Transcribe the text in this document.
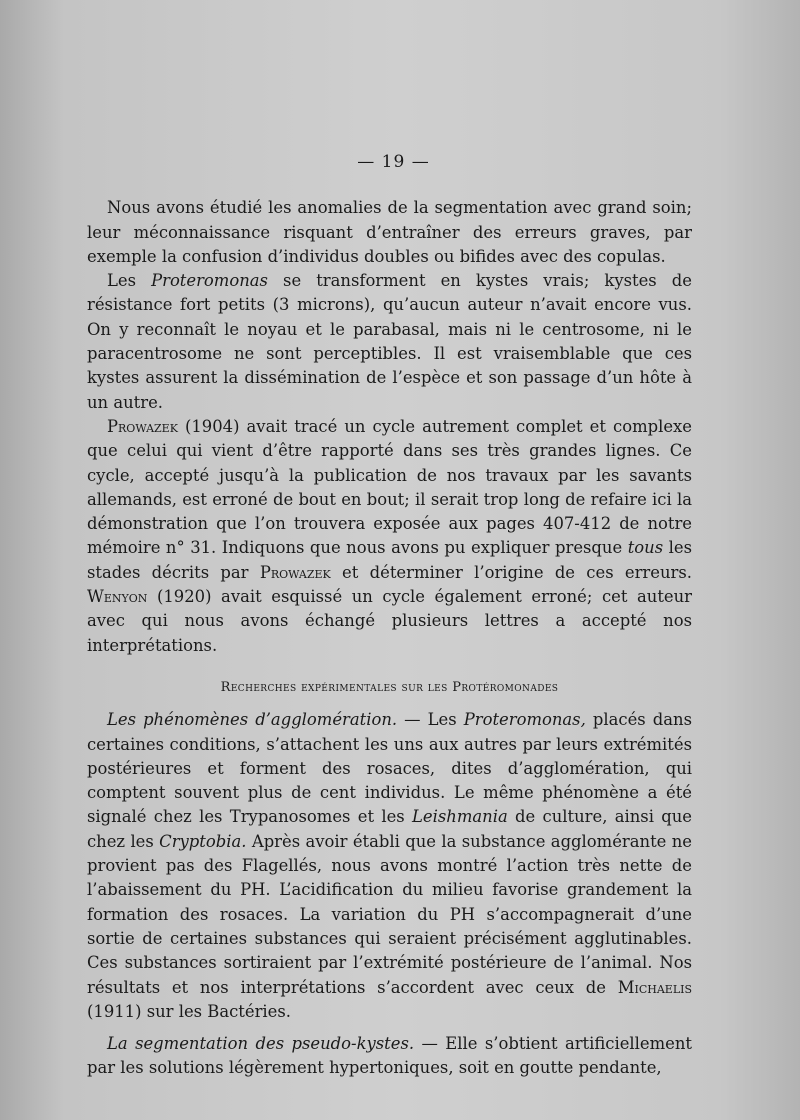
— 19 —

Nous avons étudié les anomalies de la segmentation avec grand soin; leur méconnaissance risquant d’entraîner des erreurs graves, par exemple la confusion d’individus doubles ou bifides avec des copulas.

Les Proteromonas se transforment en kystes vrais; kystes de résistance fort petits (3 microns), qu’aucun auteur n’avait encore vus. On y reconnaît le noyau et le parabasal, mais ni le centrosome, ni le paracentrosome ne sont perceptibles. Il est vraisemblable que ces kystes assurent la dissémination de l’espèce et son passage d’un hôte à un autre.

Prowazek (1904) avait tracé un cycle autrement complet et complexe que celui qui vient d’être rapporté dans ses très grandes lignes. Ce cycle, accepté jusqu’à la publication de nos travaux par les savants allemands, est erroné de bout en bout; il serait trop long de refaire ici la démonstration que l’on trouvera exposée aux pages 407-412 de notre mémoire n° 31. Indiquons que nous avons pu expliquer presque tous les stades décrits par Prowazek et déterminer l’origine de ces erreurs. Wenyon (1920) avait esquissé un cycle également erroné; cet auteur avec qui nous avons échangé plusieurs lettres a accepté nos interprétations.

Recherches expérimentales sur les Protéromonades

Les phénomènes d’agglomération. — Les Proteromonas, placés dans certaines conditions, s’attachent les uns aux autres par leurs extrémités postérieures et forment des rosaces, dites d’agglomération, qui comptent souvent plus de cent individus. Le même phénomène a été signalé chez les Trypanosomes et les Leishmania de culture, ainsi que chez les Cryptobia. Après avoir établi que la substance agglomérante ne provient pas des Flagellés, nous avons montré l’action très nette de l’abaissement du PH. L’acidification du milieu favorise grandement la formation des rosaces. La variation du PH s’accompagnerait d’une sortie de certaines substances qui seraient précisément agglutinables. Ces substances sortiraient par l’extrémité postérieure de l’animal. Nos résultats et nos interprétations s’accordent avec ceux de Michaelis (1911) sur les Bactéries.

La segmentation des pseudo-kystes. — Elle s’obtient artificiellement par les solutions légèrement hypertoniques, soit en goutte pendante,
